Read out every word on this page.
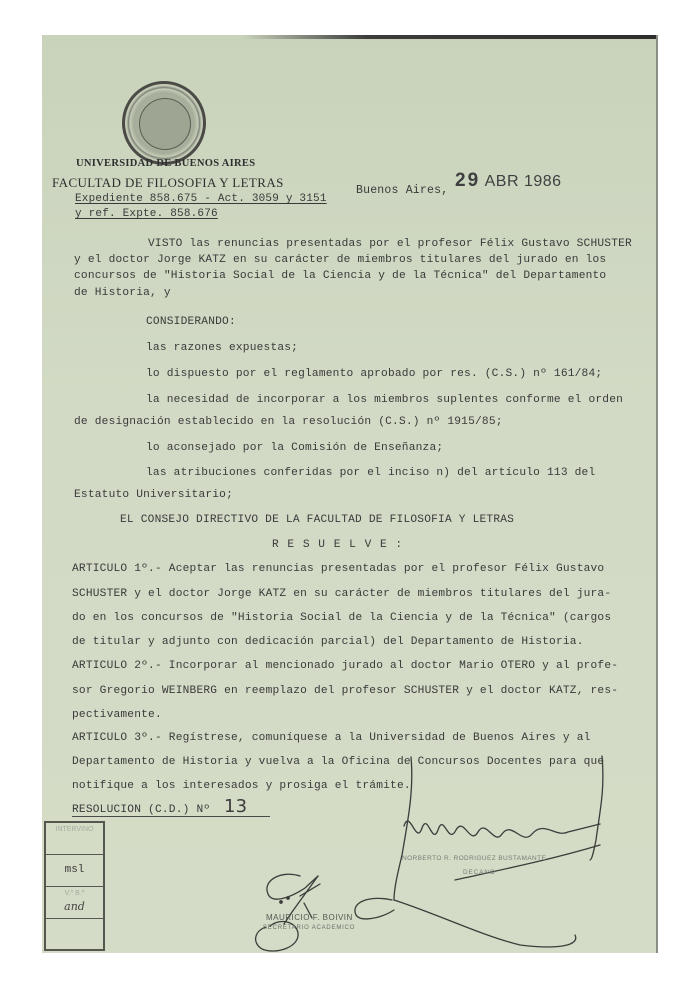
UNIVERSIDAD DE BUENOS AIRES
FACULTAD DE FILOSOFIA Y LETRAS
Expediente 858.675 - Act. 3059 y 3151
y ref. Expte. 858.676
Buenos Aires, 29 ABR 1986
VISTO las renuncias presentadas por el profesor Félix Gustavo SCHUSTER
y el doctor Jorge KATZ en su carácter de miembros titulares del jurado en los
concursos de "Historia Social de la Ciencia y de la Técnica" del Departamento
de Historia, y
CONSIDERANDO:
las razones expuestas;
lo dispuesto por el reglamento aprobado por res. (C.S.) nº 161/84;
la necesidad de incorporar a los miembros suplentes conforme el orden
de designación establecido en la resolución (C.S.) nº 1915/85;
lo aconsejado por la Comisión de Enseñanza;
las atribuciones conferidas por el inciso n) del artículo 113 del
Estatuto Universitario;
EL CONSEJO DIRECTIVO DE LA FACULTAD DE FILOSOFIA Y LETRAS
R E S U E L V E :
ARTICULO 1º.- Aceptar las renuncias presentadas por el profesor Félix Gustavo
SCHUSTER y el doctor Jorge KATZ en su carácter de miembros titulares del jura-
do en los concursos de "Historia Social de la Ciencia y de la Técnica" (cargos
de titular y adjunto con dedicación parcial) del Departamento de Historia.
ARTICULO 2º.- Incorporar al mencionado jurado al doctor Mario OTERO y al profe-
sor Gregorio WEINBERG en reemplazo del profesor SCHUSTER y el doctor KATZ, res-
pectivamente.
ARTICULO 3º.- Regístrese, comuníquese a la Universidad de Buenos Aires y al
Departamento de Historia y vuelva a la Oficina de Concursos Docentes para que
notifique a los interesados y prosiga el trámite.
RESOLUCION (C.D.) Nº 13
INTERVINO
msl
V.º B.º
and
MAURICIO F. BOIVIN
SECRETARIO ACADEMICO
NORBERTO R. RODRIGUEZ BUSTAMANTE
DECANO
